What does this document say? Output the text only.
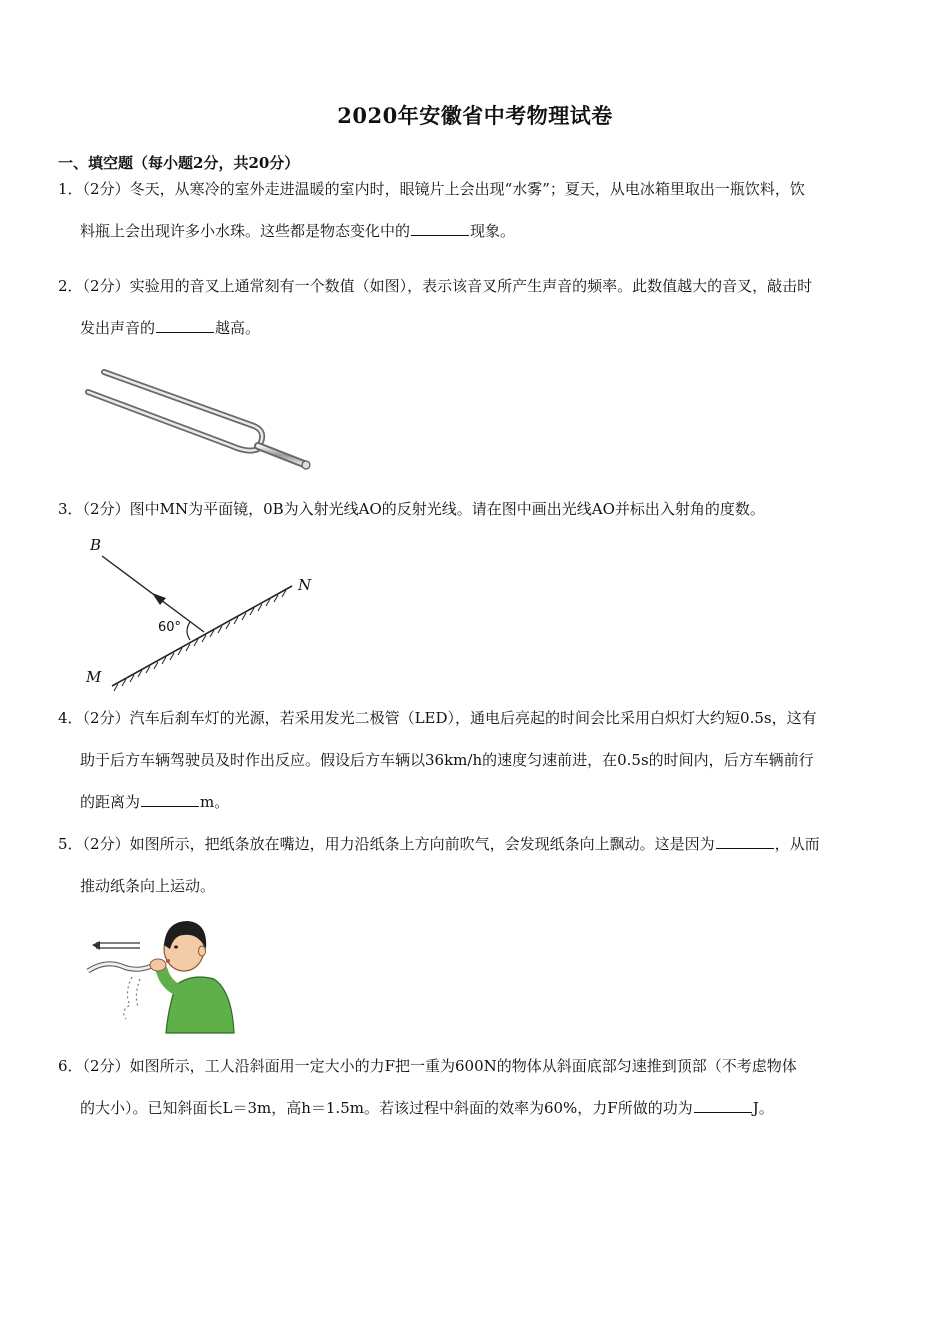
2020年安徽省中考物理试卷
一、填空题（每小题2分，共20分）
1．（2分）冬天，从寒冷的室外走进温暖的室内时，眼镜片上会出现“水雾”；夏天，从电冰箱里取出一瓶饮料，饮
料瓶上会出现许多小水珠。这些都是物态变化中的	现象。
2．（2分）实验用的音叉上通常刻有一个数值（如图），表示该音叉所产生声音的频率。此数值越大的音叉，敲击时
发出声音的	越高。
3．（2分）图中MN为平面镜，0B为入射光线AO的反射光线。请在图中画出光线AO并标出入射角的度数。
B
N
M
60°
4．（2分）汽车后刹车灯的光源，若采用发光二极管（LED），通电后亮起的时间会比采用白炽灯大约短0.5s，这有
助于后方车辆驾驶员及时作出反应。假设后方车辆以36km/h的速度匀速前进，在0.5s的时间内，后方车辆前行
的距离为	m。
5．（2分）如图所示，把纸条放在嘴边，用力沿纸条上方向前吹气，会发现纸条向上飘动。这是因为	，从而
推动纸条向上运动。
6．（2分）如图所示，工人沿斜面用一定大小的力F把一重为600N的物体从斜面底部匀速推到顶部（不考虑物体
的大小）。已知斜面长L＝3m，高h＝1.5m。若该过程中斜面的效率为60%，力F所做的功为	J。
